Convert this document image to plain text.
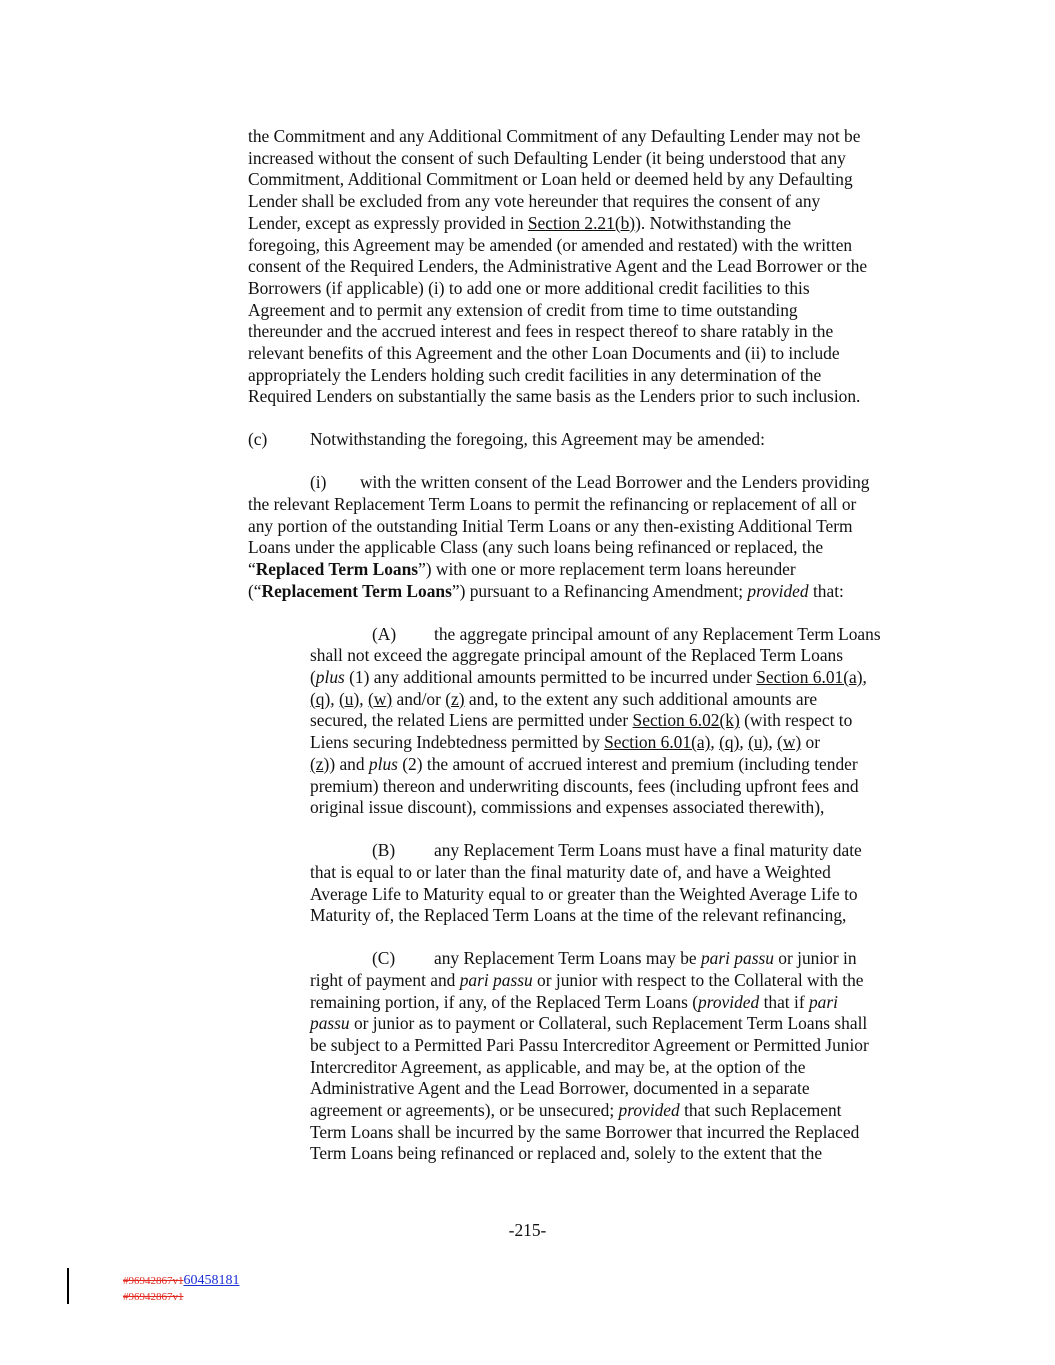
the Commitment and any Additional Commitment of any Defaulting Lender may not be
increased without the consent of such Defaulting Lender (it being understood that any
Commitment, Additional Commitment or Loan held or deemed held by any Defaulting
Lender shall be excluded from any vote hereunder that requires the consent of any
Lender, except as expressly provided in Section 2.21(b)). Notwithstanding the
foregoing, this Agreement may be amended (or amended and restated) with the written
consent of the Required Lenders, the Administrative Agent and the Lead Borrower or the
Borrowers (if applicable) (i) to add one or more additional credit facilities to this
Agreement and to permit any extension of credit from time to time outstanding
thereunder and the accrued interest and fees in respect thereof to share ratably in the
relevant benefits of this Agreement and the other Loan Documents and (ii) to include
appropriately the Lenders holding such credit facilities in any determination of the
Required Lenders on substantially the same basis as the Lenders prior to such inclusion.

(c) Notwithstanding the foregoing, this Agreement may be amended:

(i) with the written consent of the Lead Borrower and the Lenders providing
the relevant Replacement Term Loans to permit the refinancing or replacement of all or
any portion of the outstanding Initial Term Loans or any then-existing Additional Term
Loans under the applicable Class (any such loans being refinanced or replaced, the
“Replaced Term Loans”) with one or more replacement term loans hereunder
(“Replacement Term Loans”) pursuant to a Refinancing Amendment; provided that:

(A) the aggregate principal amount of any Replacement Term Loans
shall not exceed the aggregate principal amount of the Replaced Term Loans
(plus (1) any additional amounts permitted to be incurred under Section 6.01(a),
(q), (u), (w) and/or (z) and, to the extent any such additional amounts are
secured, the related Liens are permitted under Section 6.02(k) (with respect to
Liens securing Indebtedness permitted by Section 6.01(a), (q), (u), (w) or
(z)) and plus (2) the amount of accrued interest and premium (including tender
premium) thereon and underwriting discounts, fees (including upfront fees and
original issue discount), commissions and expenses associated therewith),

(B) any Replacement Term Loans must have a final maturity date
that is equal to or later than the final maturity date of, and have a Weighted
Average Life to Maturity equal to or greater than the Weighted Average Life to
Maturity of, the Replaced Term Loans at the time of the relevant refinancing,

(C) any Replacement Term Loans may be pari passu or junior in
right of payment and pari passu or junior with respect to the Collateral with the
remaining portion, if any, of the Replaced Term Loans (provided that if pari
passu or junior as to payment or Collateral, such Replacement Term Loans shall
be subject to a Permitted Pari Passu Intercreditor Agreement or Permitted Junior
Intercreditor Agreement, as applicable, and may be, at the option of the
Administrative Agent and the Lead Borrower, documented in a separate
agreement or agreements), or be unsecured; provided that such Replacement
Term Loans shall be incurred by the same Borrower that incurred the Replaced
Term Loans being refinanced or replaced and, solely to the extent that the

-215-
#96942867v160458181
#96942867v1
